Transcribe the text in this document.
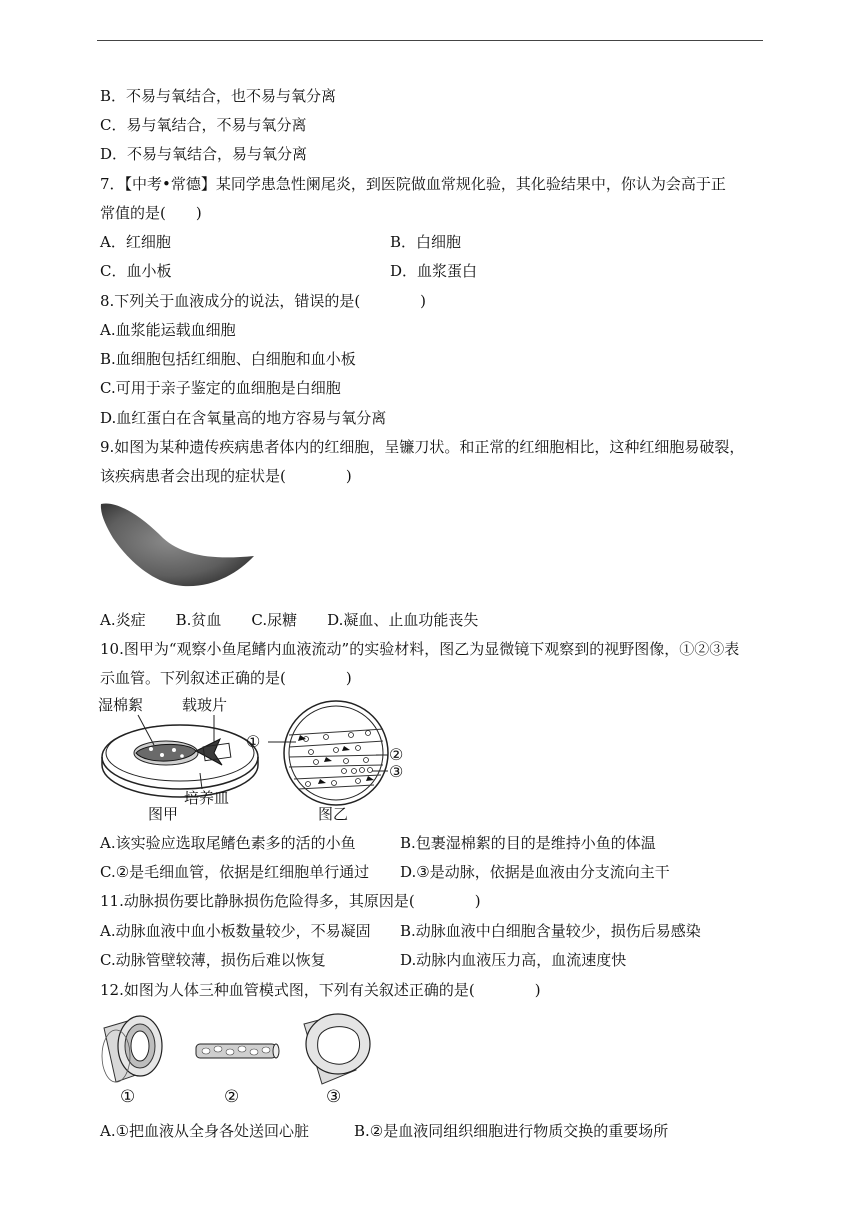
B．不易与氧结合，也不易与氧分离
C．易与氧结合，不易与氧分离
D．不易与氧结合，易与氧分离
7．【中考•常德】某同学患急性阑尾炎，到医院做血常规化验，其化验结果中，你认为会高于正
常值的是(　　)
A．红细胞	B．白细胞
C．血小板	D．血浆蛋白
8.下列关于血液成分的说法，错误的是(　　　　)
A.血浆能运载血细胞
B.血细胞包括红细胞、白细胞和血小板
C.可用于亲子鉴定的血细胞是白细胞
D.血红蛋白在含氧量高的地方容易与氧分离
9.如图为某种遗传疾病患者体内的红细胞，呈镰刀状。和正常的红细胞相比，这种红细胞易破裂，
该疾病患者会出现的症状是(　　　　)
A.炎症　　B.贫血　　C.尿糖　　D.凝血、止血功能丧失
10.图甲为“观察小鱼尾鳍内血液流动”的实验材料，图乙为显微镜下观察到的视野图像，①②③表
示血管。下列叙述正确的是(　　　　)
湿棉絮	载玻片
培养皿
图甲
①
②
③
图乙
A.该实验应选取尾鳍色素多的活的小鱼	B.包裹湿棉絮的目的是维持小鱼的体温
C.②是毛细血管，依据是红细胞单行通过 D.③是动脉，依据是血液由分支流向主干
11.动脉损伤要比静脉损伤危险得多，其原因是(　　　　)
A.动脉血液中血小板数量较少，不易凝固 B.动脉血液中白细胞含量较少，损伤后易感染
C.动脉管壁较薄，损伤后难以恢复	D.动脉内血液压力高，血流速度快
12.如图为人体三种血管模式图，下列有关叙述正确的是(　　　　)
①	②	③
A.①把血液从全身各处送回心脏	B.②是血液同组织细胞进行物质交换的重要场所
